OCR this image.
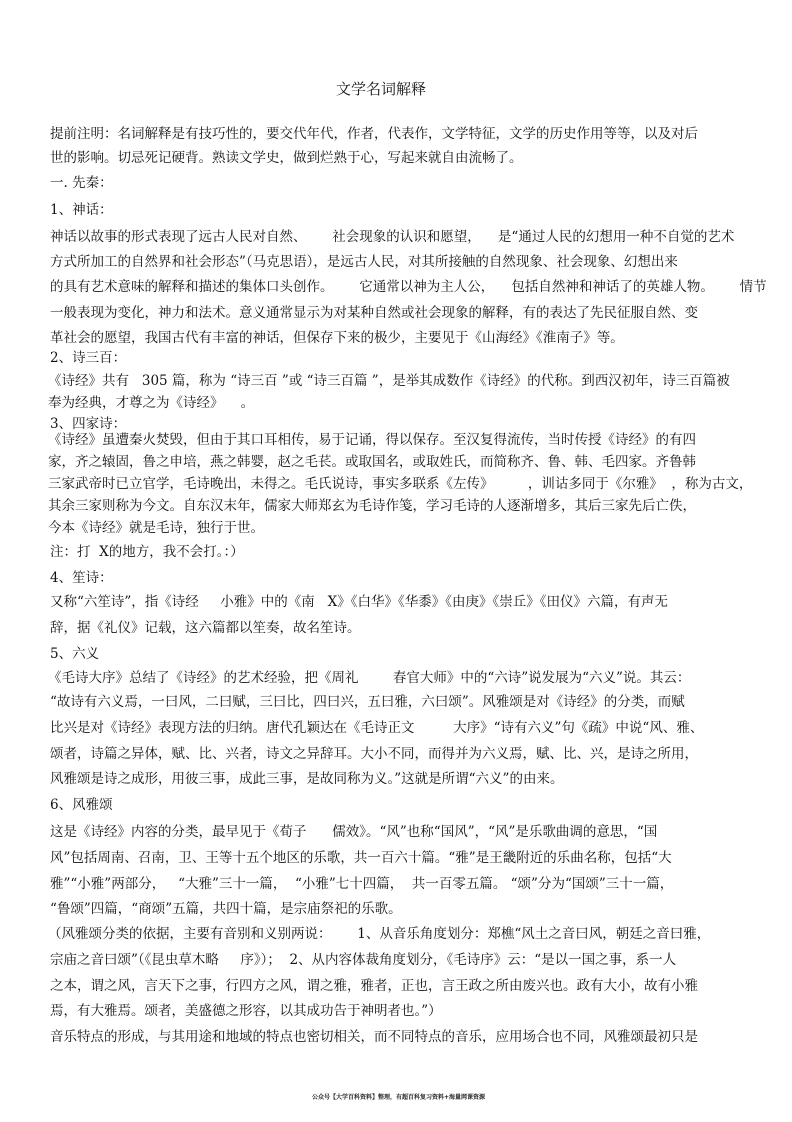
文学名词解释
提前注明：名词解释是有技巧性的，要交代年代，作者，代表作，文学特征，文学的历史作用等等，以及对后
世的影响。切忌死记硬背。熟读文学史，做到烂熟于心，写起来就自由流畅了。
一. 先秦：
1、神话：
神话以故事的形式表现了远古人民对自然、      社会现象的认识和愿望，    是“通过人民的幻想用一种不自觉的艺术
方式所加工的自然界和社会形态”（马克思语），是远古人民，对其所接触的自然现象、社会现象、幻想出来
的具有艺术意味的解释和描述的集体口头创作。      它通常以神为主人公，    包括自然神和神话了的英雄人物。      情节
一般表现为变化，神力和法术。意义通常显示为对某种自然或社会现象的解释，有的表达了先民征服自然、变
革社会的愿望，我国古代有丰富的神话，但保存下来的极少，主要见于《山海经》《淮南子》等。
2、诗三百：
《诗经》共有   305 篇，称为 “诗三百 ”或 “诗三百篇 ”，是举其成数作《诗经》的代称。到西汉初年，诗三百篇被
奉为经典，才尊之为《诗经》    。
3、四家诗：
《诗经》虽遭秦火焚毁，但由于其口耳相传，易于记诵，得以保存。至汉复得流传，当时传授《诗经》的有四
家，齐之辕固，鲁之申培，燕之韩婴，赵之毛苌。或取国名，或取姓氏，而简称齐、鲁、韩、毛四家。齐鲁韩
三家武帝时已立官学，毛诗晚出，未得之。毛氏说诗，事实多联系《左传》        ，训诂多同于《尔雅》  ，称为古文，
其余三家则称为今文。自东汉末年，儒家大师郑玄为毛诗作笺，学习毛诗的人逐渐增多，其后三家先后亡佚，
今本《诗经》就是毛诗，独行于世。
注：打  X的地方，我不会打。：）
4、笙诗：
又称“六笙诗”，指《诗经     小雅》中的《南   X》《白华》《华黍》《由庚》《崇丘》《田仪》六篇，有声无
辞，据《礼仪》记载，这六篇都以笙奏，故名笙诗。
5、六义
《毛诗大序》总结了《诗经》的艺术经验，把《周礼        春官大师》中的“六诗”说发展为“六义”说。其云：
“故诗有六义焉，一曰风，二曰赋，三曰比，四曰兴，五曰雅，六曰颂”。风雅颂是对《诗经》的分类，而赋
比兴是对《诗经》表现方法的归纳。唐代孔颖达在《毛诗正文         大序》“诗有六义”句《疏》中说“风、雅、
颂者，诗篇之异体，赋、比、兴者，诗文之异辞耳。大小不同，而得并为六义焉，赋、比、兴，是诗之所用，
风雅颂是诗之成形，用彼三事，成此三事，是故同称为义。”这就是所谓“六义”的由来。
6、风雅颂
这是《诗经》内容的分类，最早见于《荀子      儒效》。“风”也称“国风”，“风”是乐歌曲调的意思，“国
风”包括周南、召南，卫、王等十五个地区的乐歌，共一百六十篇。“雅”是王畿附近的乐曲名称，包括“大
雅”“小雅”两部分，   “大雅”三十一篇，  “小雅”七十四篇，  共一百零五篇。 “颂”分为“国颂”三十一篇，
“鲁颂”四篇，“商颂”五篇，共四十篇，是宗庙祭祀的乐歌。
（风雅颂分类的依据，主要有音别和义别两说：      1、从音乐角度划分：郑樵“风土之音曰风，朝廷之音曰雅，
宗庙之音曰颂”（《昆虫草木略     序》）；  2、从内容体裁角度划分，《毛诗序》云：“是以一国之事，系一人
之本，谓之风，言天下之事，行四方之风，谓之雅，雅者，正也，言王政之所由废兴也。政有大小，故有小雅
焉，有大雅焉。颂者，美盛德之形容，以其成功告于神明者也。”）
音乐特点的形成，与其用途和地域的特点也密切相关，而不同特点的音乐，应用场合也不同，风雅颂最初只是
公众号【大学百科资料】整理，有超百科复习资料+海量网课资源
